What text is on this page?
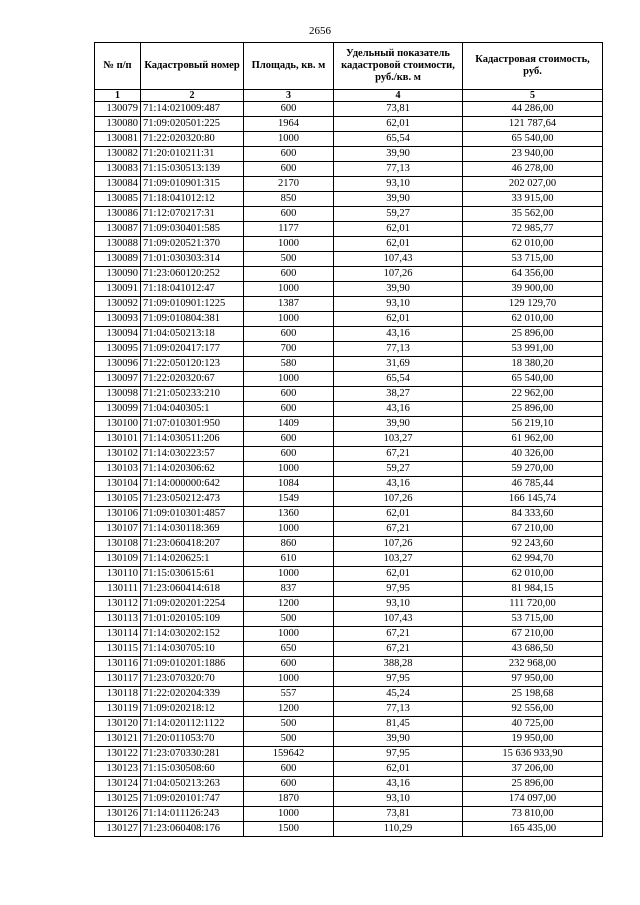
2656
№ п/п	Кадастровый номер	Площадь, кв. м	Удельный показатель кадастровой стоимости, руб./кв. м	Кадастровая стоимость, руб.
1	2	3	4	5
130079	71:14:021009:487	600	73,81	44 286,00
130080	71:09:020501:225	1964	62,01	121 787,64
130081	71:22:020320:80	1000	65,54	65 540,00
130082	71:20:010211:31	600	39,90	23 940,00
130083	71:15:030513:139	600	77,13	46 278,00
130084	71:09:010901:315	2170	93,10	202 027,00
130085	71:18:041012:12	850	39,90	33 915,00
130086	71:12:070217:31	600	59,27	35 562,00
130087	71:09:030401:585	1177	62,01	72 985,77
130088	71:09:020521:370	1000	62,01	62 010,00
130089	71:01:030303:314	500	107,43	53 715,00
130090	71:23:060120:252	600	107,26	64 356,00
130091	71:18:041012:47	1000	39,90	39 900,00
130092	71:09:010901:1225	1387	93,10	129 129,70
130093	71:09:010804:381	1000	62,01	62 010,00
130094	71:04:050213:18	600	43,16	25 896,00
130095	71:09:020417:177	700	77,13	53 991,00
130096	71:22:050120:123	580	31,69	18 380,20
130097	71:22:020320:67	1000	65,54	65 540,00
130098	71:21:050233:210	600	38,27	22 962,00
130099	71:04:040305:1	600	43,16	25 896,00
130100	71:07:010301:950	1409	39,90	56 219,10
130101	71:14:030511:206	600	103,27	61 962,00
130102	71:14:030223:57	600	67,21	40 326,00
130103	71:14:020306:62	1000	59,27	59 270,00
130104	71:14:000000:642	1084	43,16	46 785,44
130105	71:23:050212:473	1549	107,26	166 145,74
130106	71:09:010301:4857	1360	62,01	84 333,60
130107	71:14:030118:369	1000	67,21	67 210,00
130108	71:23:060418:207	860	107,26	92 243,60
130109	71:14:020625:1	610	103,27	62 994,70
130110	71:15:030615:61	1000	62,01	62 010,00
130111	71:23:060414:618	837	97,95	81 984,15
130112	71:09:020201:2254	1200	93,10	111 720,00
130113	71:01:020105:109	500	107,43	53 715,00
130114	71:14:030202:152	1000	67,21	67 210,00
130115	71:14:030705:10	650	67,21	43 686,50
130116	71:09:010201:1886	600	388,28	232 968,00
130117	71:23:070320:70	1000	97,95	97 950,00
130118	71:22:020204:339	557	45,24	25 198,68
130119	71:09:020218:12	1200	77,13	92 556,00
130120	71:14:020112:1122	500	81,45	40 725,00
130121	71:20:011053:70	500	39,90	19 950,00
130122	71:23:070330:281	159642	97,95	15 636 933,90
130123	71:15:030508:60	600	62,01	37 206,00
130124	71:04:050213:263	600	43,16	25 896,00
130125	71:09:020101:747	1870	93,10	174 097,00
130126	71:14:011126:243	1000	73,81	73 810,00
130127	71:23:060408:176	1500	110,29	165 435,00
